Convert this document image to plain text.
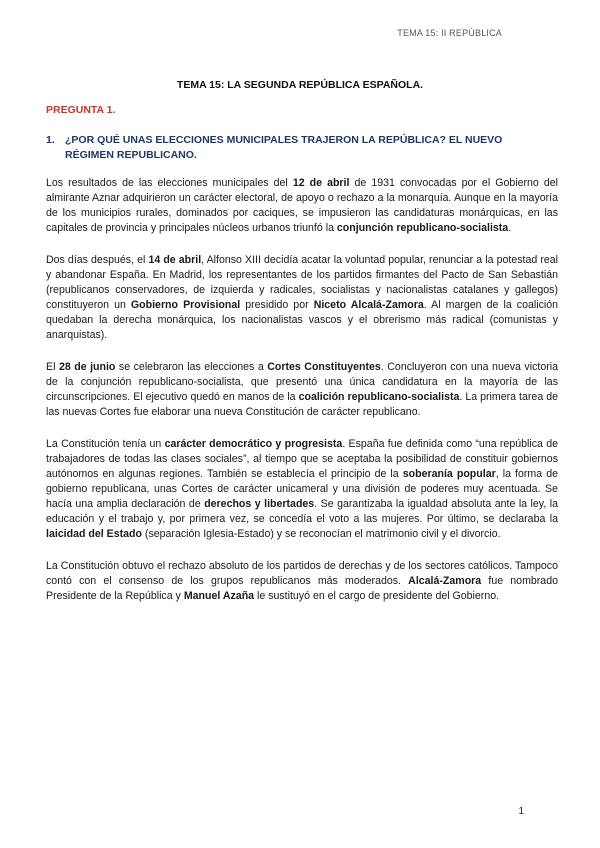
TEMA 15: II REPÚBLICA
TEMA 15: LA SEGUNDA REPÚBLICA ESPAÑOLA.
PREGUNTA 1.
1. ¿POR QUÉ UNAS ELECCIONES MUNICIPALES TRAJERON LA REPÚBLICA? EL NUEVO RÉGIMEN REPUBLICANO.

Los resultados de las elecciones municipales del 12 de abril de 1931 convocadas por el Gobierno del almirante Aznar adquirieron un carácter electoral, de apoyo o rechazo a la monarquía. Aunque en la mayoría de los municipios rurales, dominados por caciques, se impusieron las candidaturas monárquicas, en las capitales de provincia y principales núcleos urbanos triunfó la conjunción republicano-socialista.

Dos días después, el 14 de abril, Alfonso XIII decidía acatar la voluntad popular, renunciar a la potestad real y abandonar España. En Madrid, los representantes de los partidos firmantes del Pacto de San Sebastián (republicanos conservadores, de izquierda y radicales, socialistas y nacionalistas catalanes y gallegos) constituyeron un Gobierno Provisional presidido por Niceto Alcalá-Zamora. Al margen de la coalición quedaban la derecha monárquica, los nacionalistas vascos y el obrerismo más radical (comunistas y anarquistas).

El 28 de junio se celebraron las elecciones a Cortes Constituyentes. Concluyeron con una nueva victoria de la conjunción republicano-socialista, que presentó una única candidatura en la mayoría de las circunscripciones. El ejecutivo quedó en manos de la coalición republicano-socialista. La primera tarea de las nuevas Cortes fue elaborar una nueva Constitución de carácter republicano.

La Constitución tenía un carácter democrático y progresista. España fue definida como “una república de trabajadores de todas las clases sociales”, al tiempo que se aceptaba la posibilidad de constituir gobiernos autónomos en algunas regiones. También se establecía el principio de la soberanía popular, la forma de gobierno republicana, unas Cortes de carácter unicameral y una división de poderes muy acentuada. Se hacía una amplia declaración de derechos y libertades. Se garantizaba la igualdad absoluta ante la ley, la educación y el trabajo y, por primera vez, se concedía el voto a las mujeres. Por último, se declaraba la laicidad del Estado (separación Iglesia-Estado) y se reconocían el matrimonio civil y el divorcio.

La Constitución obtuvo el rechazo absoluto de los partidos de derechas y de los sectores católicos. Tampoco contó con el consenso de los grupos republicanos más moderados. Alcalá-Zamora fue nombrado Presidente de la República y Manuel Azaña le sustituyó en el cargo de presidente del Gobierno.

1
